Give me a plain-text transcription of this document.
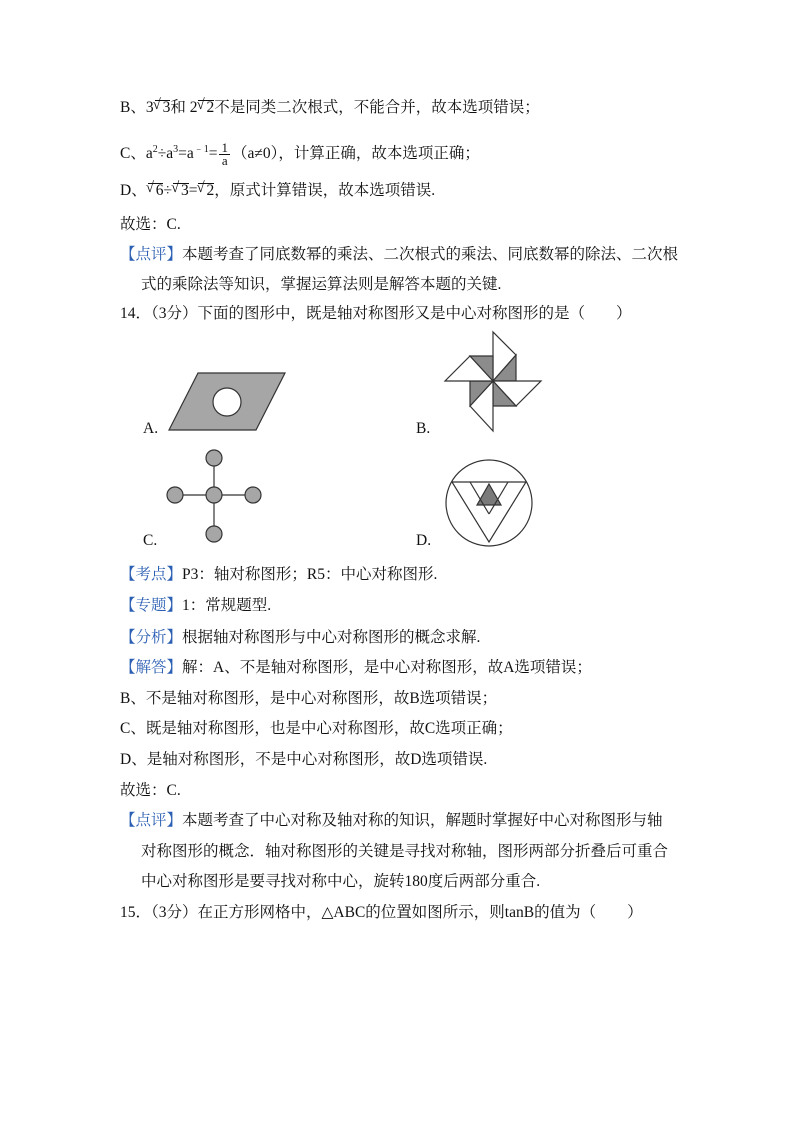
B、3 √ 3和 2 √ 2不是同类二次根式，不能合并，故本选项错误；
C、$a^2\div a^3=a^{﹣1}= \frac{1}{a} (a\ne 0)$，计算正确，故本选项正确；
D、 √ 6÷ √ 3= √ 2，原式计算错误，故本选项错误.
故选：C.
【点评】本题考查了同底数幂的乘法、二次根式的乘法、同底数幂的除法、二次根
式的乘除法等知识，掌握运算法则是解答本题的关键.
14．（3分）下面的图形中，既是轴对称图形又是中心对称图形的是（　　）
A.	B.
C.	D.
【考点】P3：轴对称图形；R5：中心对称图形.
【专题】1：常规题型.
【分析】根据轴对称图形与中心对称图形的概念求解.
【解答】解：A、不是轴对称图形，是中心对称图形，故A选项错误；
B、不是轴对称图形，是中心对称图形，故B选项错误；
C、既是轴对称图形，也是中心对称图形，故C选项正确；
D、是轴对称图形，不是中心对称图形，故D选项错误.
故选：C.
【点评】本题考查了中心对称及轴对称的知识，解题时掌握好中心对称图形与轴
对称图形的概念．轴对称图形的关键是寻找对称轴，图形两部分折叠后可重合
中心对称图形是要寻找对称中心，旋转180度后两部分重合.
15．（3分）在正方形网格中，△ABC的位置如图所示，则tanB的值为（　　）
